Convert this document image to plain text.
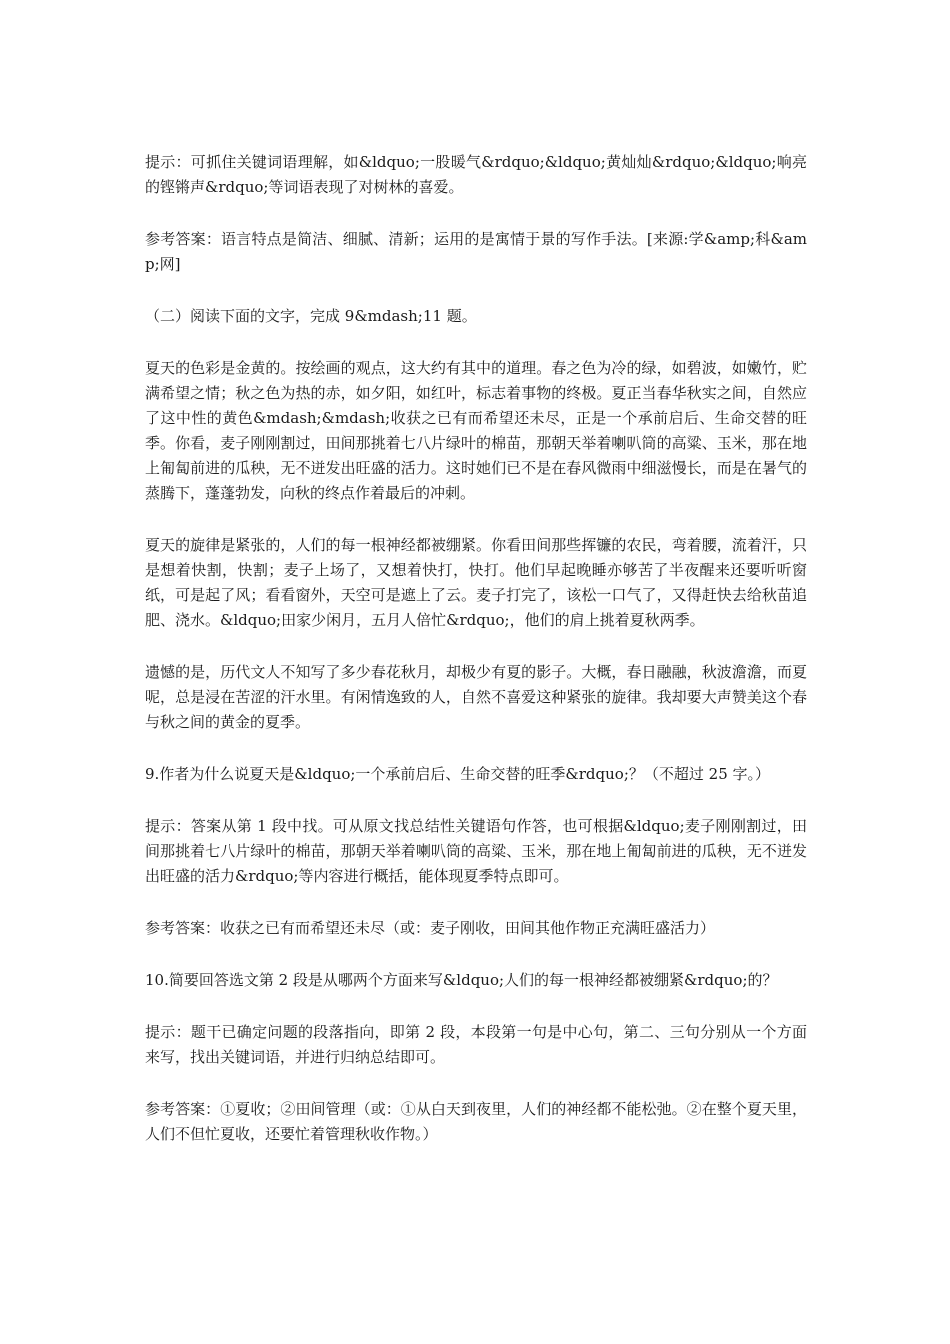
提示：可抓住关键词语理解，如&ldquo;一股暖气&rdquo;&ldquo;黄灿灿&rdquo;&ldquo;响亮的铿锵声&rdquo;等词语表现了对树林的喜爱。

参考答案：语言特点是简洁、细腻、清新；运用的是寓情于景的写作手法。[来源:学&amp;科&amp;网]

（二）阅读下面的文字，完成 9&mdash;11 题。

夏天的色彩是金黄的。按绘画的观点，这大约有其中的道理。春之色为冷的绿，如碧波，如嫩竹，贮满希望之情；秋之色为热的赤，如夕阳，如红叶，标志着事物的终极。夏正当春华秋实之间，自然应了这中性的黄色&mdash;&mdash;收获之已有而希望还未尽，正是一个承前启后、生命交替的旺季。你看，麦子刚刚割过，田间那挑着七八片绿叶的棉苗，那朝天举着喇叭筒的高粱、玉米，那在地上匍匐前进的瓜秧，无不迸发出旺盛的活力。这时她们已不是在春风微雨中细滋慢长，而是在暑气的蒸腾下，蓬蓬勃发，向秋的终点作着最后的冲刺。

夏天的旋律是紧张的，人们的每一根神经都被绷紧。你看田间那些挥镰的农民，弯着腰，流着汗，只是想着快割，快割；麦子上场了，又想着快打，快打。他们早起晚睡亦够苦了半夜醒来还要听听窗纸，可是起了风；看看窗外，天空可是遮上了云。麦子打完了，该松一口气了，又得赶快去给秋苗追肥、浇水。&ldquo;田家少闲月，五月人倍忙&rdquo;，他们的肩上挑着夏秋两季。

遗憾的是，历代文人不知写了多少春花秋月，却极少有夏的影子。大概，春日融融，秋波澹澹，而夏呢，总是浸在苦涩的汗水里。有闲情逸致的人，自然不喜爱这种紧张的旋律。我却要大声赞美这个春与秋之间的黄金的夏季。

9.作者为什么说夏天是&ldquo;一个承前启后、生命交替的旺季&rdquo;？（不超过 25 字。）

提示：答案从第 1 段中找。可从原文找总结性关键语句作答，也可根据&ldquo;麦子刚刚割过，田间那挑着七八片绿叶的棉苗，那朝天举着喇叭筒的高粱、玉米，那在地上匍匐前进的瓜秧，无不迸发出旺盛的活力&rdquo;等内容进行概括，能体现夏季特点即可。

参考答案：收获之已有而希望还未尽（或：麦子刚收，田间其他作物正充满旺盛活力）

10.简要回答选文第 2 段是从哪两个方面来写&ldquo;人们的每一根神经都被绷紧&rdquo;的？

提示：题干已确定问题的段落指向，即第 2 段，本段第一句是中心句，第二、三句分别从一个方面来写，找出关键词语，并进行归纳总结即可。

参考答案：①夏收；②田间管理（或：①从白天到夜里，人们的神经都不能松弛。②在整个夏天里，人们不但忙夏收，还要忙着管理秋收作物。）
